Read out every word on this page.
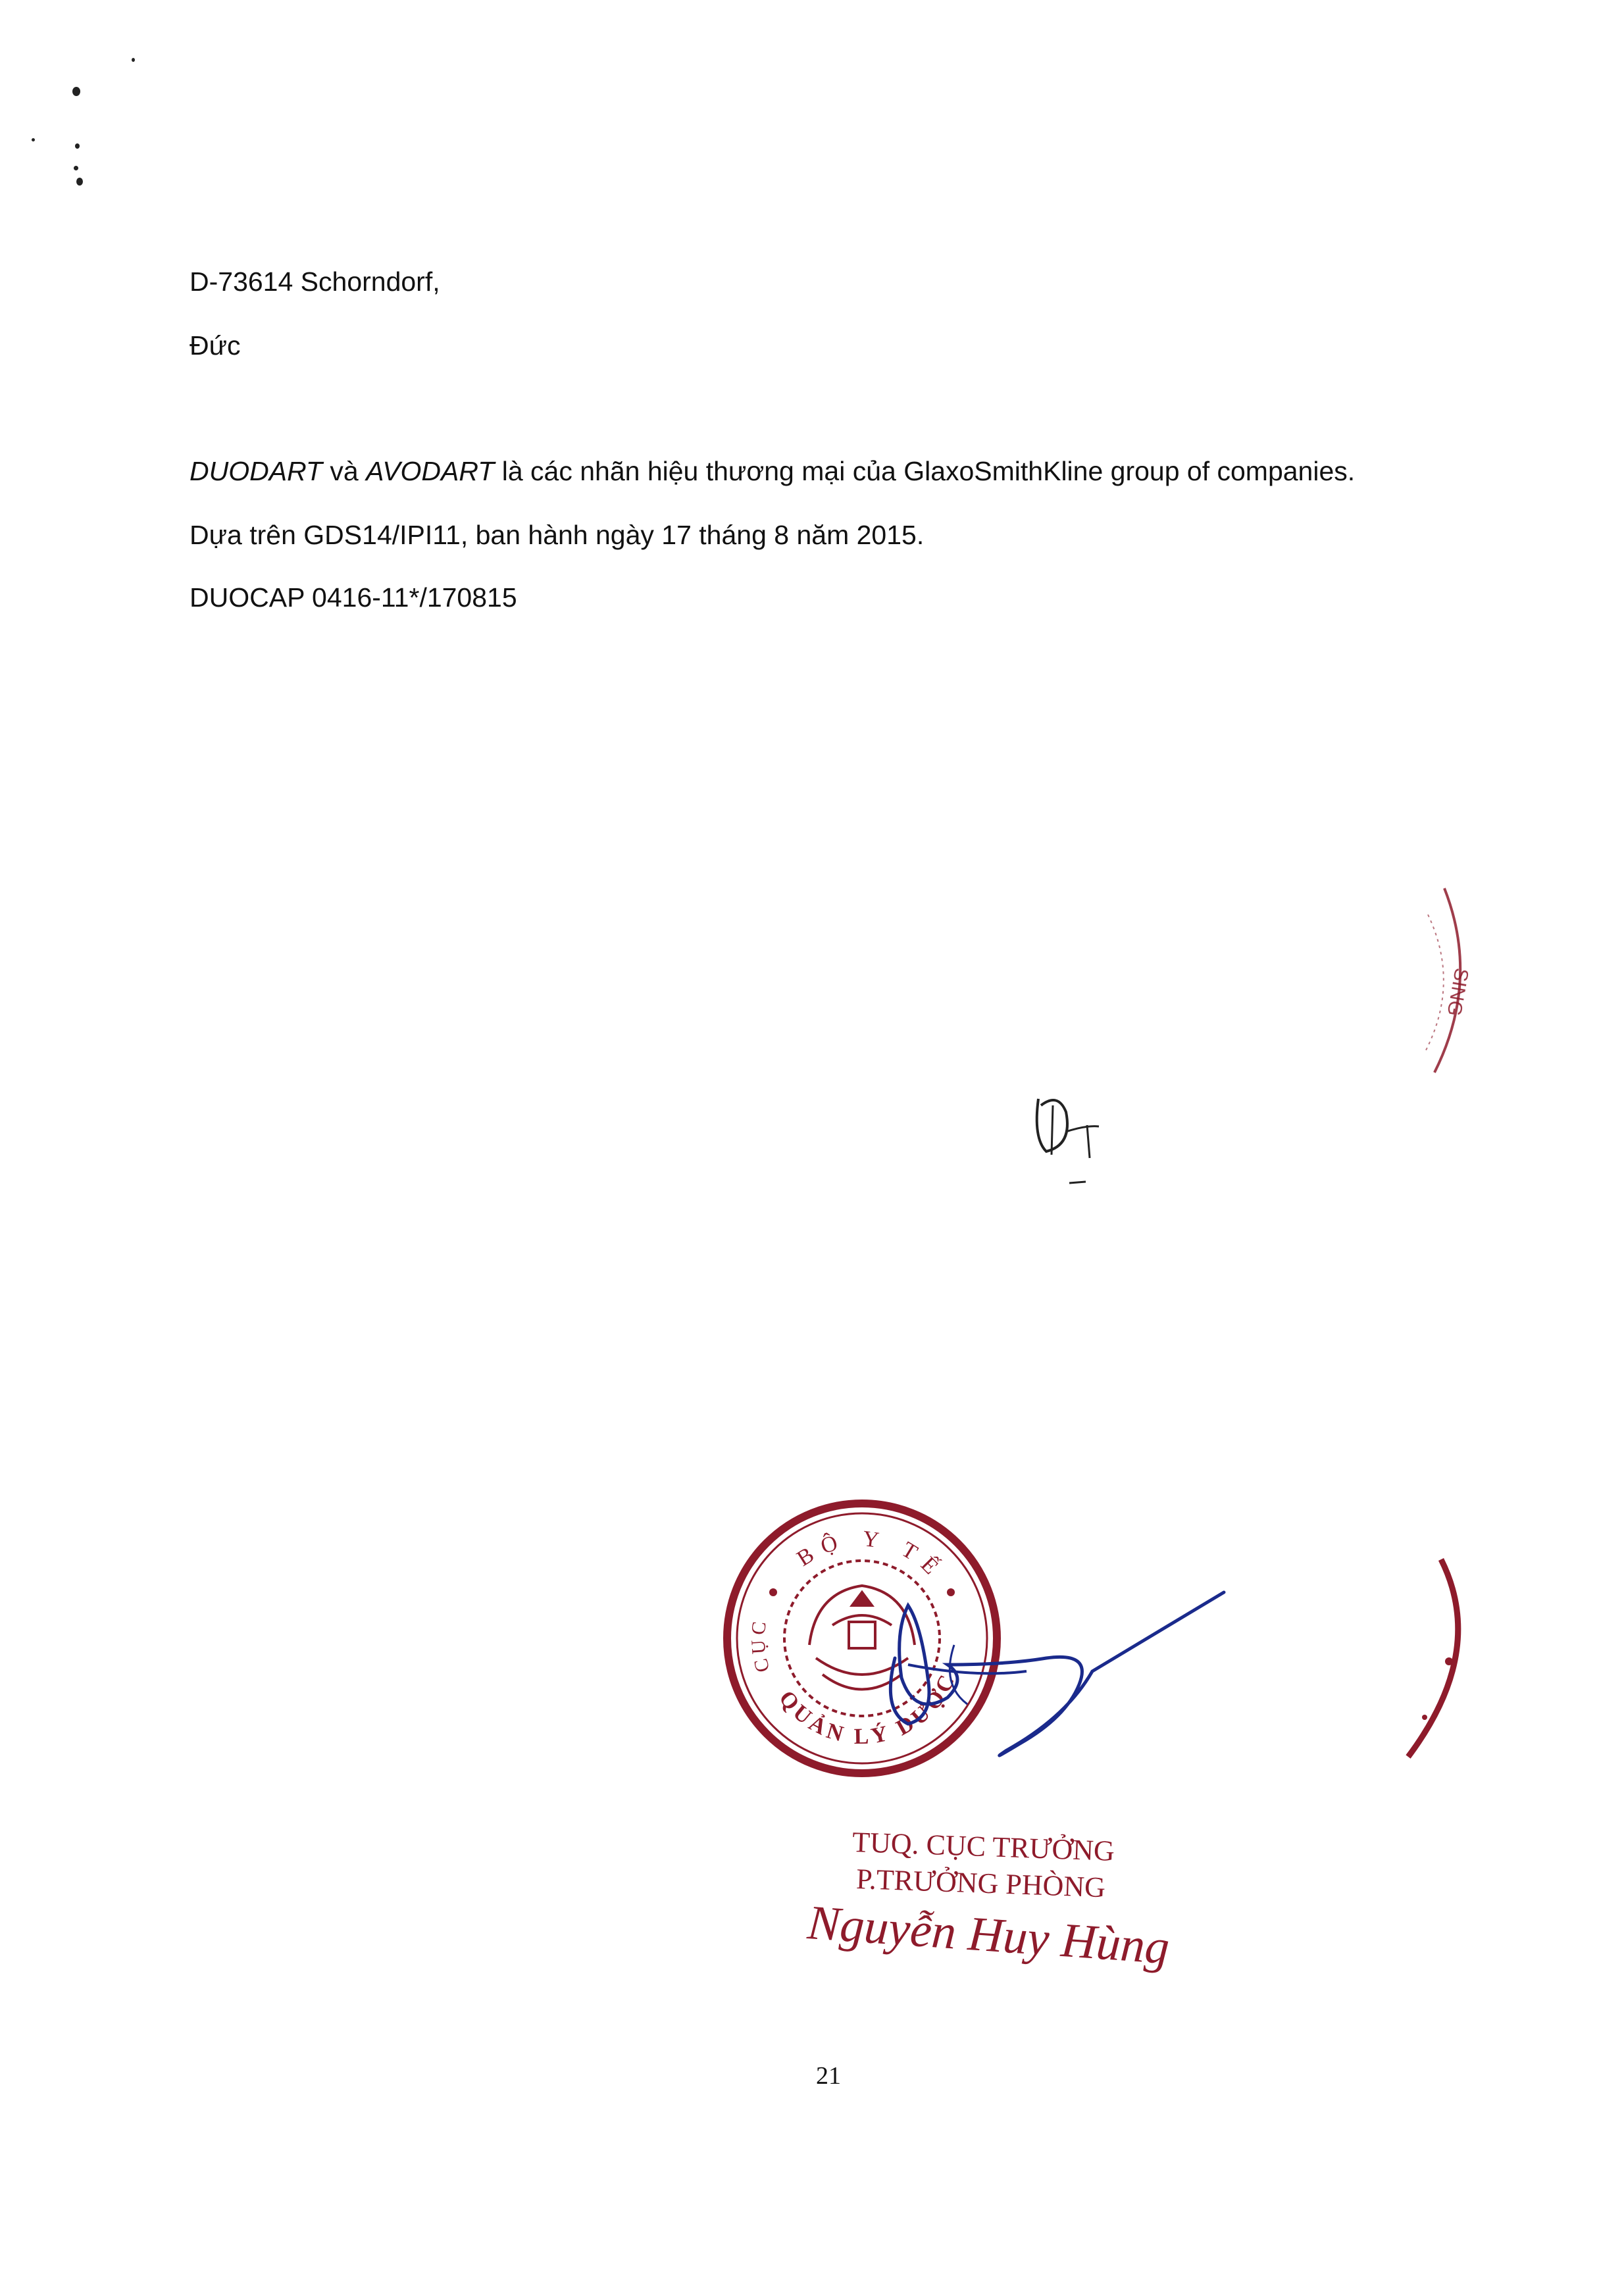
D-73614 Schorndorf,
Đức
DUODART và AVODART là các nhãn hiệu thương mại của GlaxoSmithKline group of companies.
Dựa trên GDS14/IPI11, ban hành ngày 17 tháng 8 năm 2015.
DUOCAP 0416-11*/170815
SING
BỘ Y TẾ
QUẢN LÝ DƯỢC
CỤC
TUQ. CỤC TRƯỞNG
P.TRƯỞNG PHÒNG
Nguyễn Huy Hùng
21
